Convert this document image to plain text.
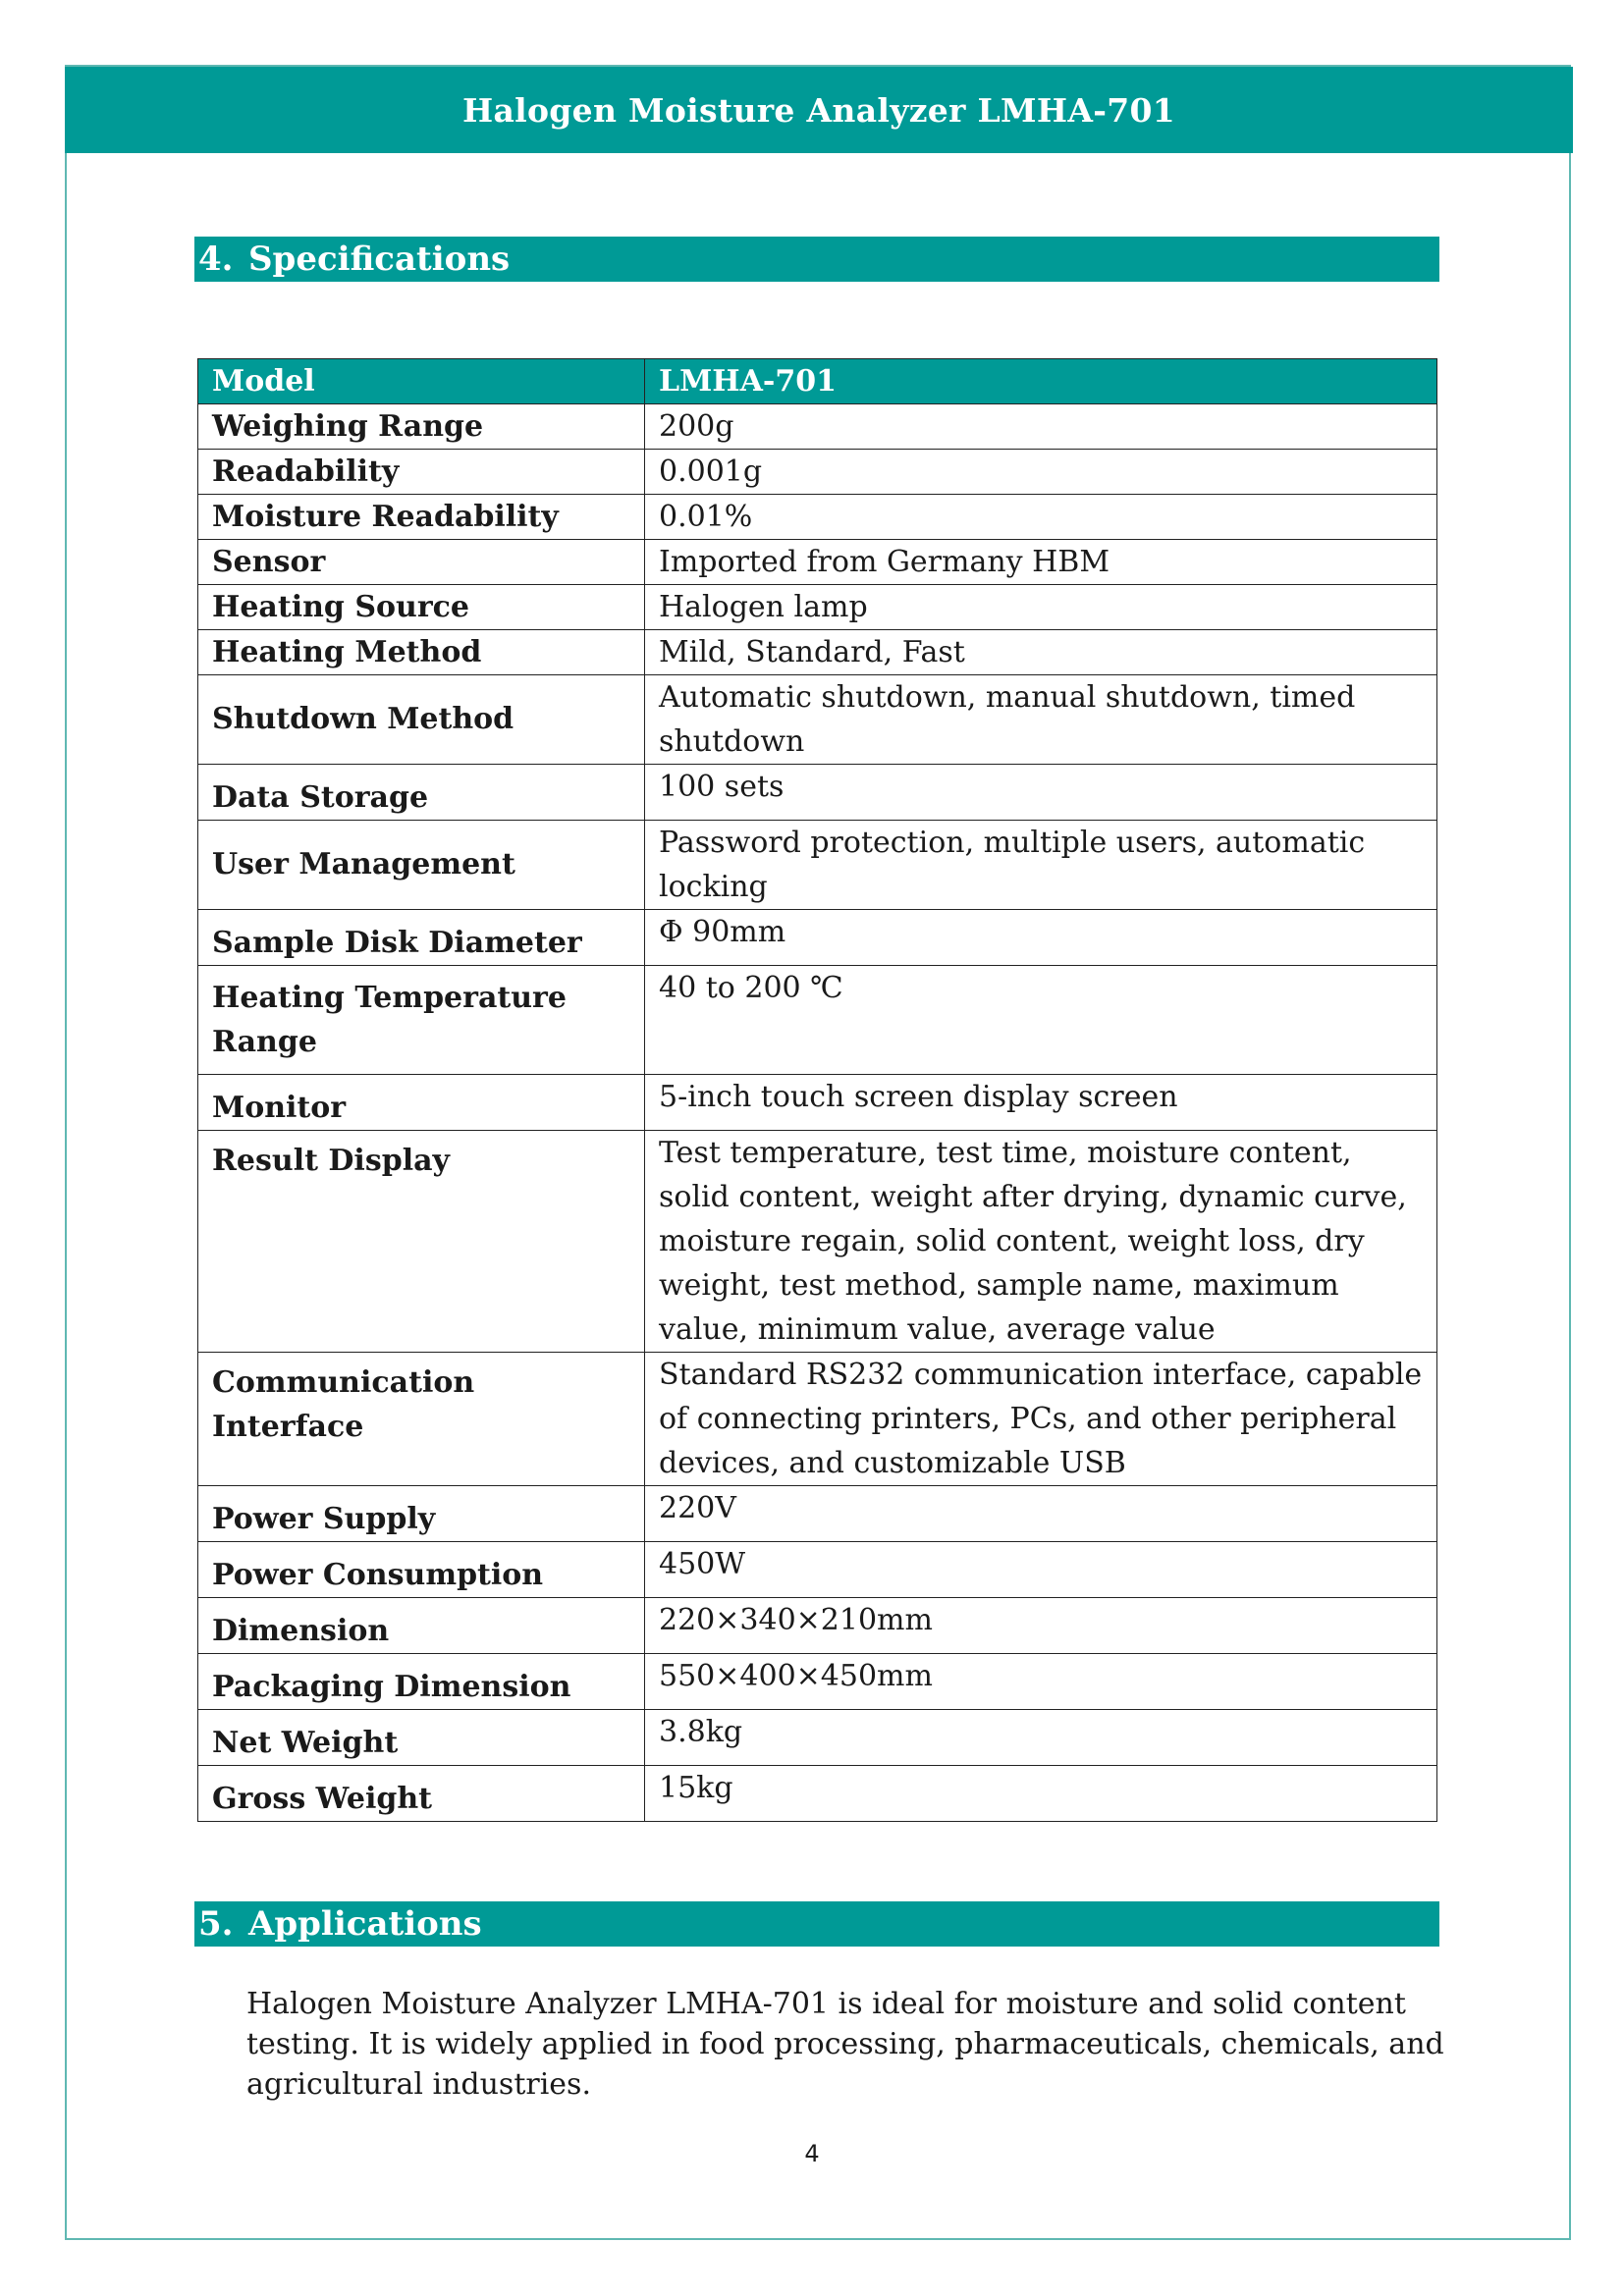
Halogen Moisture Analyzer LMHA-701
4. Specifications
Model	LMHA-701
Weighing Range	200g
Readability	0.001g
Moisture Readability	0.01%
Sensor	Imported from Germany HBM
Heating Source	Halogen lamp
Heating Method	Mild, Standard, Fast
Shutdown Method	Automatic shutdown, manual shutdown, timed shutdown
Data Storage	100 sets
User Management	Password protection, multiple users, automatic locking
Sample Disk Diameter	Φ 90mm
Heating Temperature Range	40 to 200 ℃
Monitor	5-inch touch screen display screen
Result Display	Test temperature, test time, moisture content, solid content, weight after drying, dynamic curve, moisture regain, solid content, weight loss, dry weight, test method, sample name, maximum value, minimum value, average value
Communication Interface	Standard RS232 communication interface, capable of connecting printers, PCs, and other peripheral devices, and customizable USB
Power Supply	220V
Power Consumption	450W
Dimension	220×340×210mm
Packaging Dimension	550×400×450mm
Net Weight	3.8kg
Gross Weight	15kg
5. Applications
Halogen Moisture Analyzer LMHA-701 is ideal for moisture and solid content testing. It is widely applied in food processing, pharmaceuticals, chemicals, and agricultural industries.
4
